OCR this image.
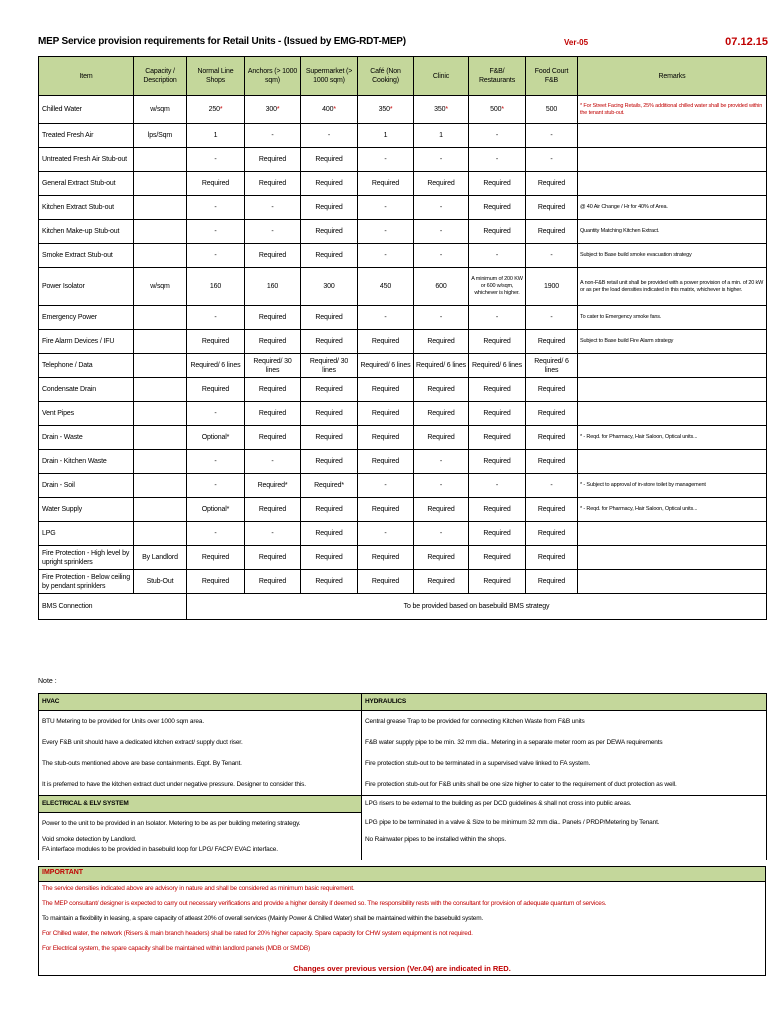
MEP Service provision requirements for Retail Units - (Issued by EMG-RDT-MEP)	Ver-05	07.12.15
Item	Capacity / Description	Normal Line Shops	Anchors (> 1000 sqm)	Supermarket (> 1000 sqm)	Café (Non Cooking)	Clinic	F&B/ Restaurants	Food Court F&B	Remarks
Chilled Water	w/sqm	250*	300*	400*	350*	350*	500*	500	* For Street Facing Retails, 25% additional chilled water shall be provided within the tenant stub-out.
Treated Fresh Air	lps/Sqm	1	-	-	1	1	-	-	
Untreated Fresh Air Stub-out		-	Required	Required	-	-	-	-	
General Extract Stub-out		Required	Required	Required	Required	Required	Required	Required	
Kitchen Extract Stub-out		-	-	Required	-	-	Required	Required	@ 40 Air Change / Hr for 40% of Area.
Kitchen Make-up Stub-out		-	-	Required	-	-	Required	Required	Quantity Matching Kitchen Extract.
Smoke Extract Stub-out		-	Required	Required	-	-	-	-	Subject to Base build smoke evacuation strategy
Power Isolator	w/sqm	160	160	300	450	600	A minimum of 200 KW or 600 w/sqm, whichever is higher.	1900	A non-F&B retail unit shall be provided with a power provision of a min. of 20 kW or as per the load densities indicated in this matrix, whichever is higher.
Emergency Power		-	Required	Required	-	-	-	-	To cater to Emergency smoke fans.
Fire Alarm Devices / IFU		Required	Required	Required	Required	Required	Required	Required	Subject to Base build Fire Alarm strategy
Telephone / Data		Required/ 6 lines	Required/ 30 lines	Required/ 30 lines	Required/ 6 lines	Required/ 6 lines	Required/ 6 lines	Required/ 6 lines	
Condensate Drain		Required	Required	Required	Required	Required	Required	Required	
Vent Pipes		-	Required	Required	Required	Required	Required	Required	
Drain - Waste		Optional*	Required	Required	Required	Required	Required	Required	* - Reqd. for Pharmacy, Hair Saloon, Optical units...
Drain - Kitchen Waste		-	-	Required	Required	-	Required	Required	
Drain - Soil		-	Required*	Required*	-	-	-	-	* - Subject to approval of in-store toilet by management
Water Supply		Optional*	Required	Required	Required	Required	Required	Required	* - Reqd. for Pharmacy, Hair Saloon, Optical units...
LPG		-	-	Required	-	-	Required	Required	
Fire Protection - High level by upright sprinklers	By Landlord	Required	Required	Required	Required	Required	Required	Required	
Fire Protection - Below ceiling by pendant sprinklers	Stub-Out	Required	Required	Required	Required	Required	Required	Required	
BMS Connection		To be provided based on basebuild BMS strategy							
Note :
HVAC	HYDRAULICS
BTU Metering to be provided for Units over 1000 sqm area.	Central grease Trap to be provided for connecting Kitchen Waste from F&B units
Every F&B unit should have a dedicated kitchen extract/ supply duct riser.	F&B water supply pipe to be min. 32 mm dia.. Metering in a separate meter room as per DEWA requirements
The stub-outs mentioned above are base containments. Eqpt. By Tenant.	Fire protection stub-out to be terminated in a supervised valve linked to FA system.
It is preferred to have the kitchen extract duct under negative pressure. Designer to consider this.	Fire protection stub-out for F&B units shall be one size higher to cater to the requirement of duct protection as well.
ELECTRICAL & ELV SYSTEM	LPG risers to be external to the building as per DCD guidelines & shall not cross into public areas.
Power to the unit to be provided in an Isolator. Metering to be as per building metering strategy.	LPG pipe to be terminated in a valve & Size to be minimum 32 mm dia.. Panels / PRDP/Metering by Tenant.

Void smoke detection by Landlord.
FA interface modules to be provided in basebuild loop for LPG/ FACP/ EVAC interface.	No Rainwater pipes to be installed within the shops.
IMPORTANT
The service densities indicated above are advisory in nature and shall be considered as minimum basic requirement.
The MEP consultant/ designer is expected to carry out necessary verifications and provide a higher density if deemed so. The responsibility rests with the consultant for provision of adequate quantum of services.
To maintain a flexibility in leasing, a spare capacity of atleast 20% of overall services (Mainly Power & Chilled Water) shall be maintained within the basebuild system.
For Chilled water, the network (Risers & main branch headers) shall be rated for 20% higher capacity. Spare capacity for CHW system equipment is not required.
For Electrical system, the spare capacity shall be maintained within landlord panels (MDB or SMDB)
Changes over previous version (Ver.04) are indicated in RED.
